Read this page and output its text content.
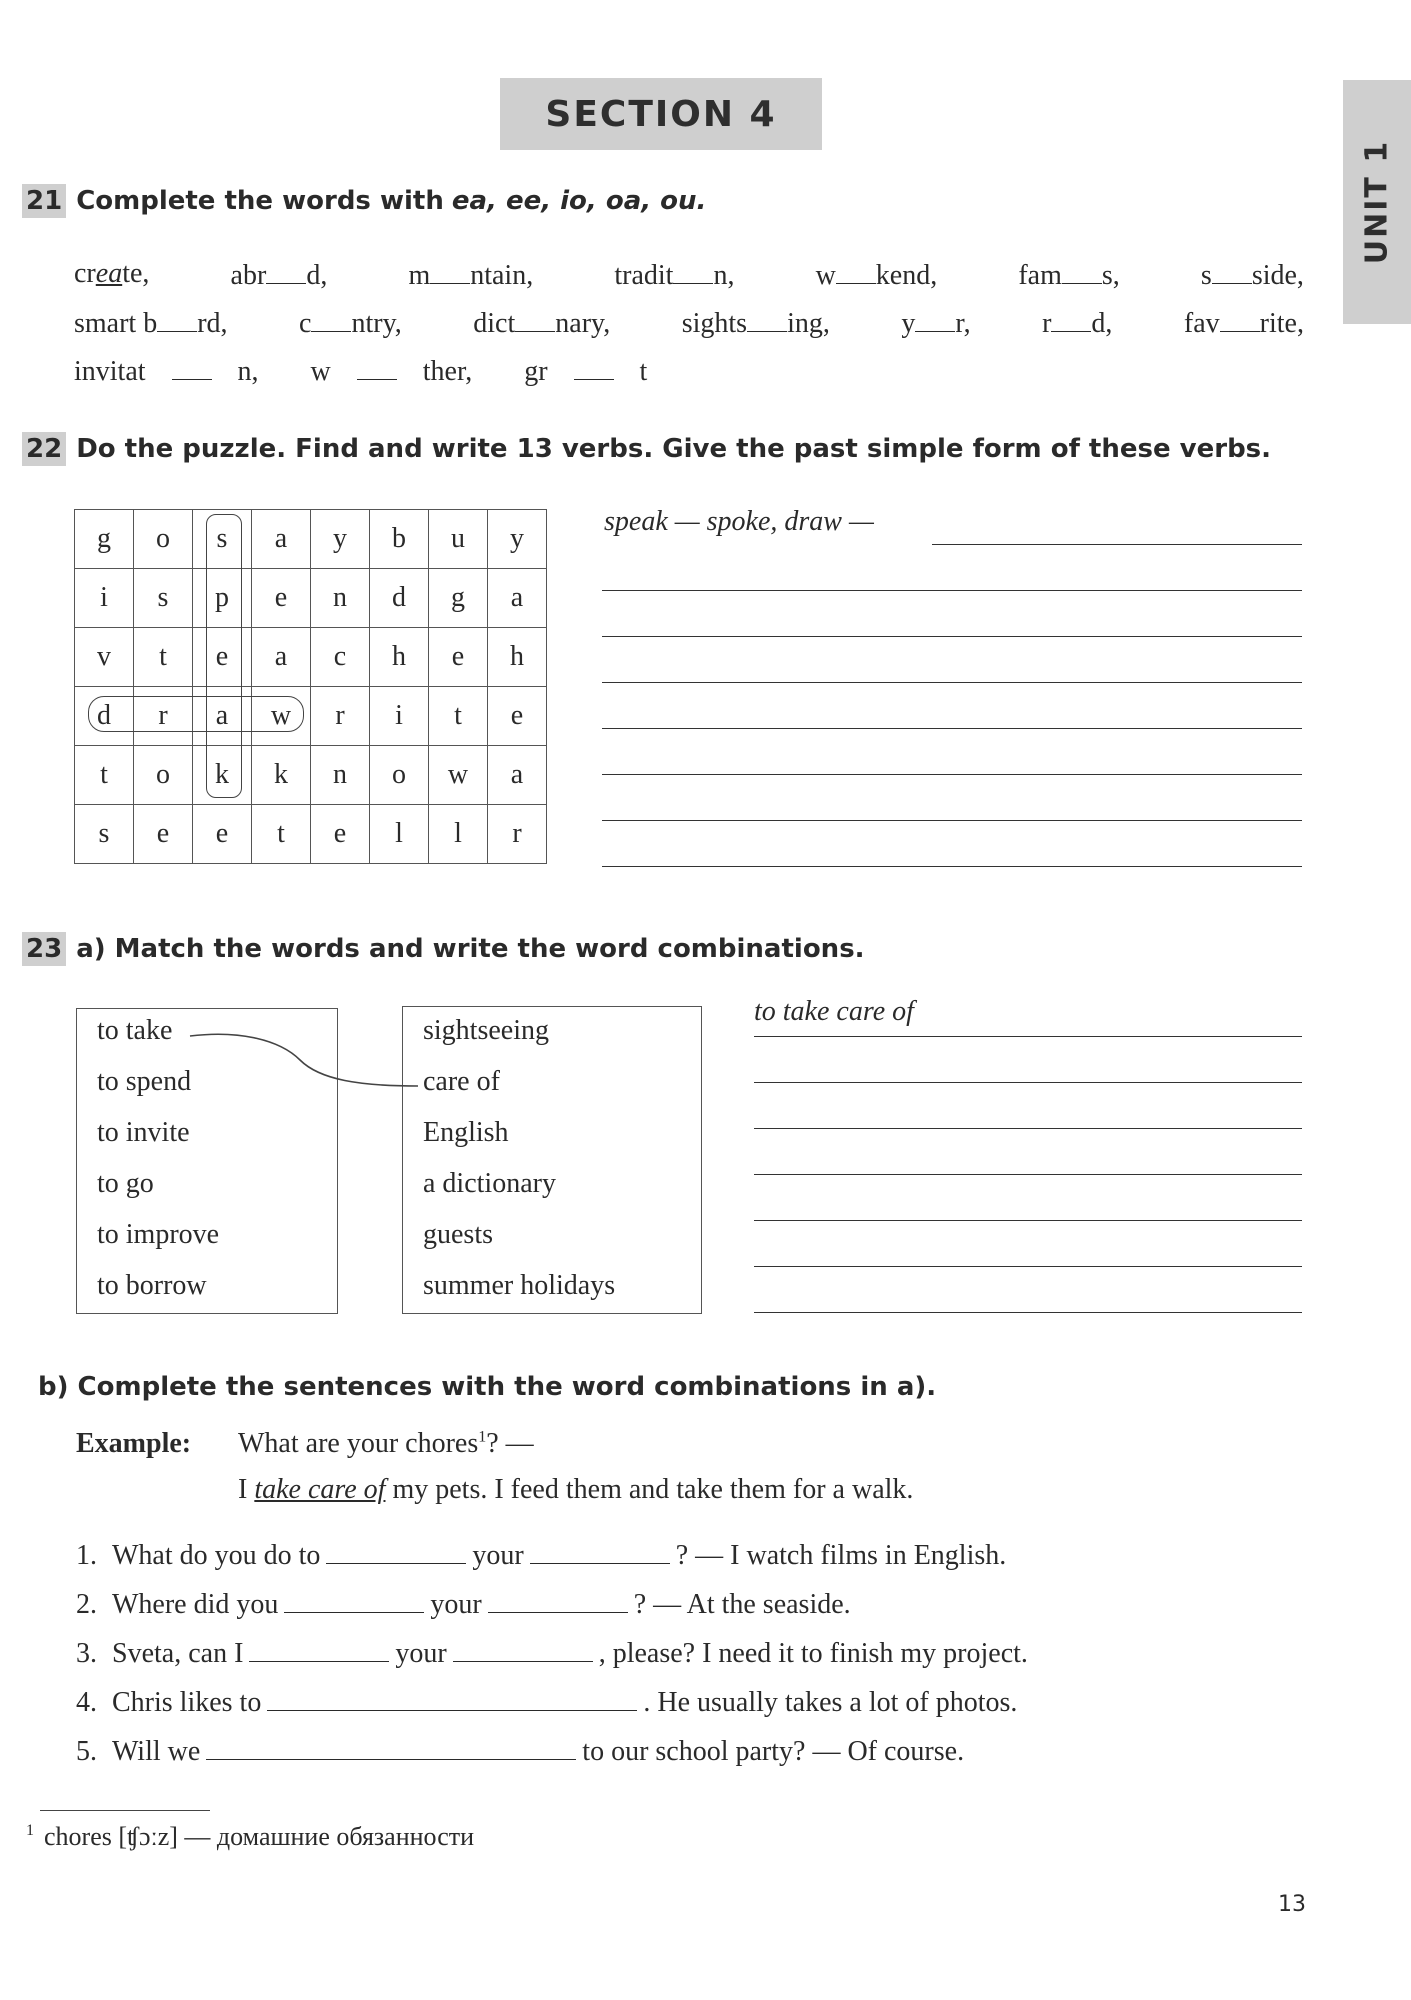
SECTION 4
UNIT 1
21 Complete the words with ea, ee, io, oa, ou.
create,	abr d,	m ntain,	tradit n,	w kend,	fam s,	s side,
smart b rd,	c ntry,	dict nary,	sights ing,	y r,	r d,	fav rite,
invitat	n,	w	ther,	gr	t
22 Do the puzzle. Find and write 13 verbs. Give the past simple form of these verbs.
g	o	s	a	y	b	u	y
i	s	p	e	n	d	g	a
v	t	e	a	c	h	e	h
d	r	a	w	r	i	t	e
t	o	k	k	n	o	w	a
s	e	e	t	e	l	l	r
speak — spoke, draw —
23 a) Match the words and write the word combinations.
to take
to spend
to invite
to go
to improve
to borrow
sightseeing
care of
English
a dictionary
guests
summer holidays
to take care of
b) Complete the sentences with the word combinations in a).
Example: What are your chores$^1$? —
I take care of my pets. I feed them and take them for a walk.
1. What do you do to	your	? — I watch films in English.
2. Where did you	your	? — At the seaside.
3. Sveta, can I	your	, please? I need it to finish my project.
4. Chris likes to	. He usually takes a lot of photos.
5. Will we	to our school party? — Of course.
$^1$ chores [ʧɔːz] — домашние обязанности
13
